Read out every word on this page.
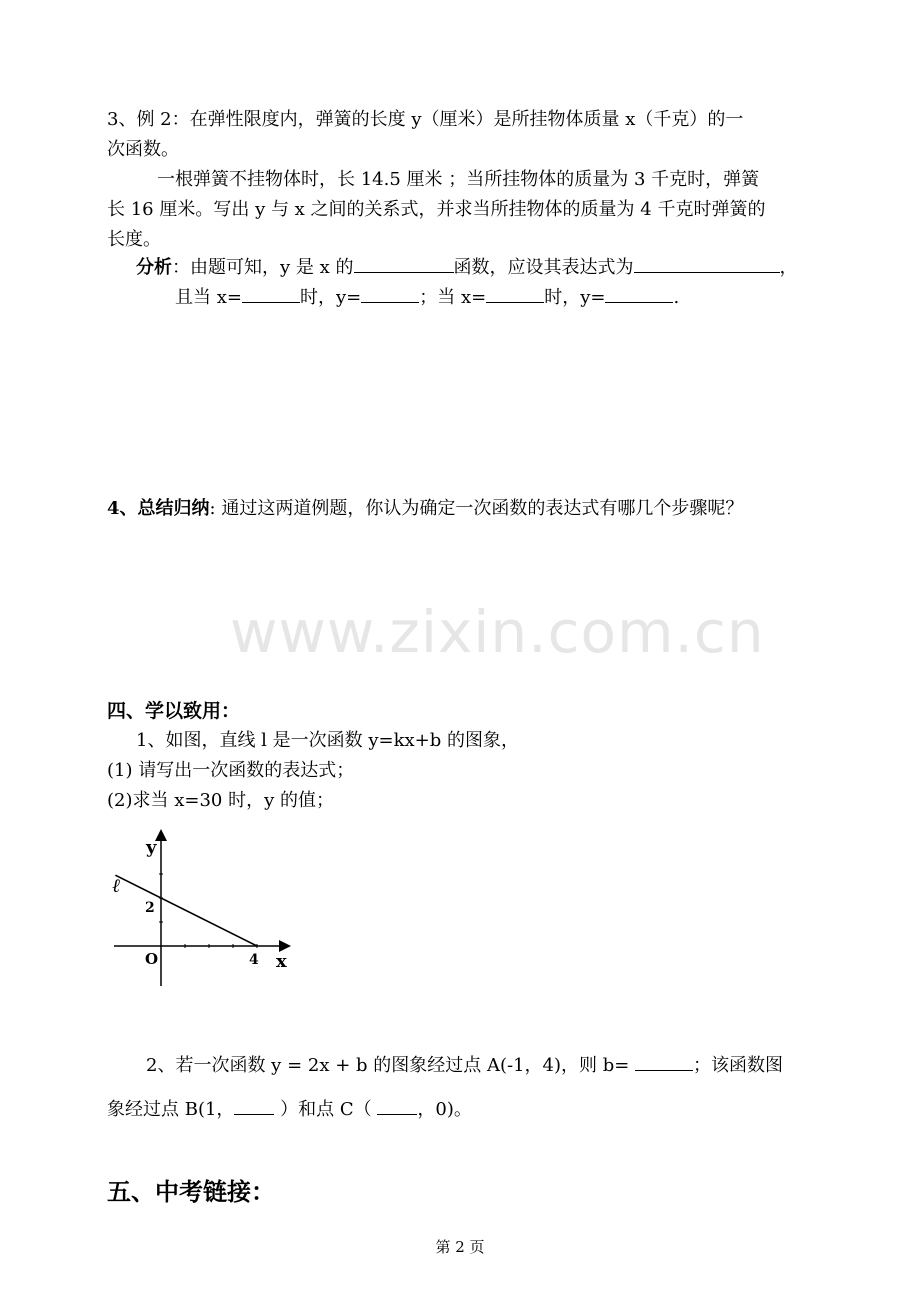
3、例 2：在弹性限度内，弹簧的长度 y（厘米）是所挂物体质量 x（千克）的一
次函数。
一根弹簧不挂物体时，长 14.5 厘米 ；当所挂物体的质量为 3 千克时，弹簧
长 16 厘米。写出 y 与 x 之间的关系式，并求当所挂物体的质量为 4 千克时弹簧的
长度。
分析：由题可知，y 是 x 的	函数，应设其表达式为	，
且当 x=	时，y=	；当 x=	时，y=	.
4、总结归纳: 通过这两道例题，你认为确定一次函数的表达式有哪几个步骤呢？
www.zixin.com.cn
四、学以致用：
1、如图，直线 l 是一次函数 y=kx+b 的图象，
(1) 请写出一次函数的表达式；
(2)求当 x=30 时，y 的值；
y
x
O
ℓ
2
4
2、若一次函数 y = 2x + b 的图象经过点 A(-1，4)，则 b=	；该函数图
象经过点 B(1， ）和点 C（ ，0)。
五、中考链接：
第 2 页
